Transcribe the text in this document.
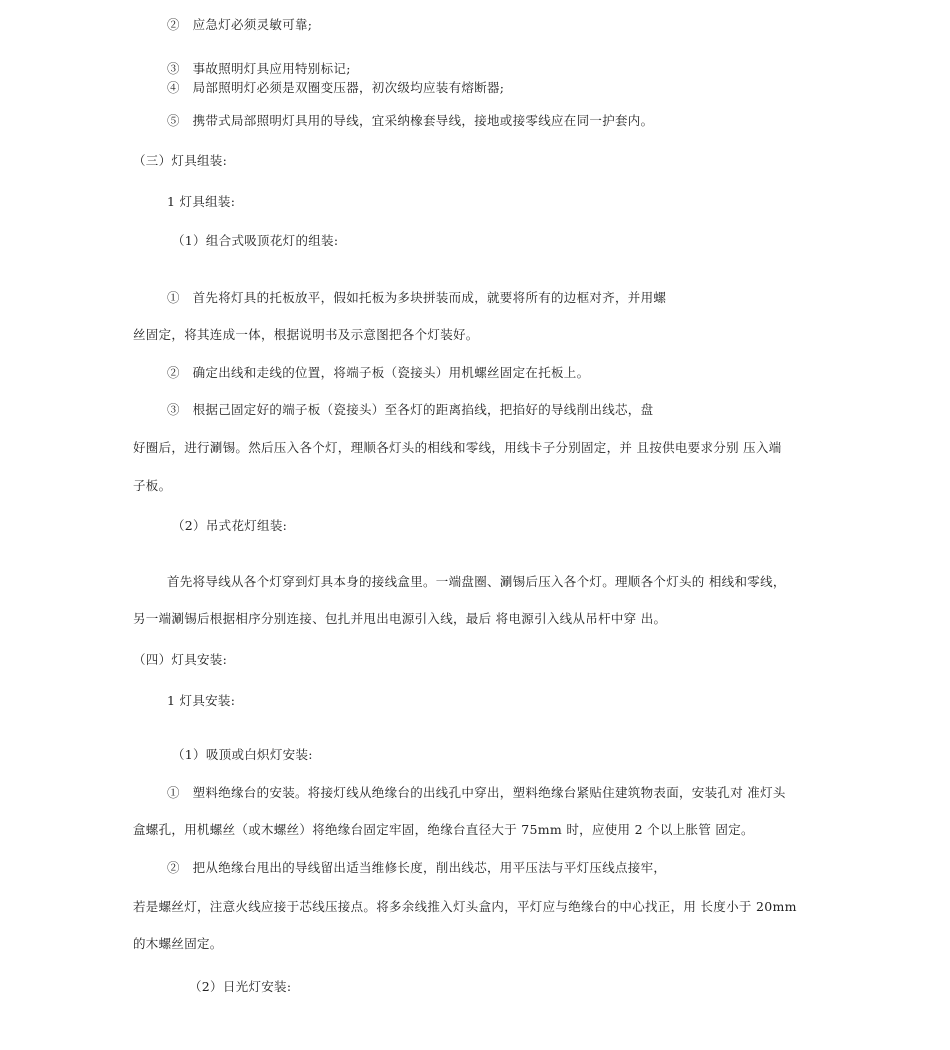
②　应急灯必须灵敏可靠;
③　事故照明灯具应用特别标记;
④　局部照明灯必须是双圈变压器，初次级均应装有熔断器;
⑤　携带式局部照明灯具用的导线，宜采纳橡套导线，接地或接零线应在同一护套内。
（三）灯具组装:
1 灯具组装:
（1）组合式吸顶花灯的组装:
①　首先将灯具的托板放平，假如托板为多块拼装而成，就要将所有的边框对齐，并用螺
丝固定，将其连成一体，根据说明书及示意图把各个灯装好。
②　确定出线和走线的位置，将端子板（瓷接头）用机螺丝固定在托板上。
③　根据己固定好的端子板（瓷接头）至各灯的距离掐线，把掐好的导线削出线芯，盘
好圈后，进行涮锡。然后压入各个灯，理顺各灯头的相线和零线，用线卡子分别固定，并 且按供电要求分别 压入端
子板。
（2）吊式花灯组装:
首先将导线从各个灯穿到灯具本身的接线盒里。一端盘圈、涮锡后压入各个灯。理顺各个灯头的 相线和零线，
另一端涮锡后根据相序分别连接、包扎并甩出电源引入线，最后 将电源引入线从吊杆中穿 出。
（四）灯具安装:
1 灯具安装:
（1）吸顶或白炽灯安装:
①　塑料绝缘台的安装。将接灯线从绝缘台的出线孔中穿出，塑料绝缘台紧贴住建筑物表面，安装孔对 准灯头
盒螺孔，用机螺丝（或木螺丝）将绝缘台固定牢固，绝缘台直径大于 75mm 时，应使用 2 个以上胀管 固定。
②　把从绝缘台甩出的导线留出适当维修长度，削出线芯，用平压法与平灯压线点接牢，
若是螺丝灯，注意火线应接于芯线压接点。将多余线推入灯头盒内，平灯应与绝缘台的中心找正，用 长度小于 20mm
的木螺丝固定。
（2）日光灯安装:
